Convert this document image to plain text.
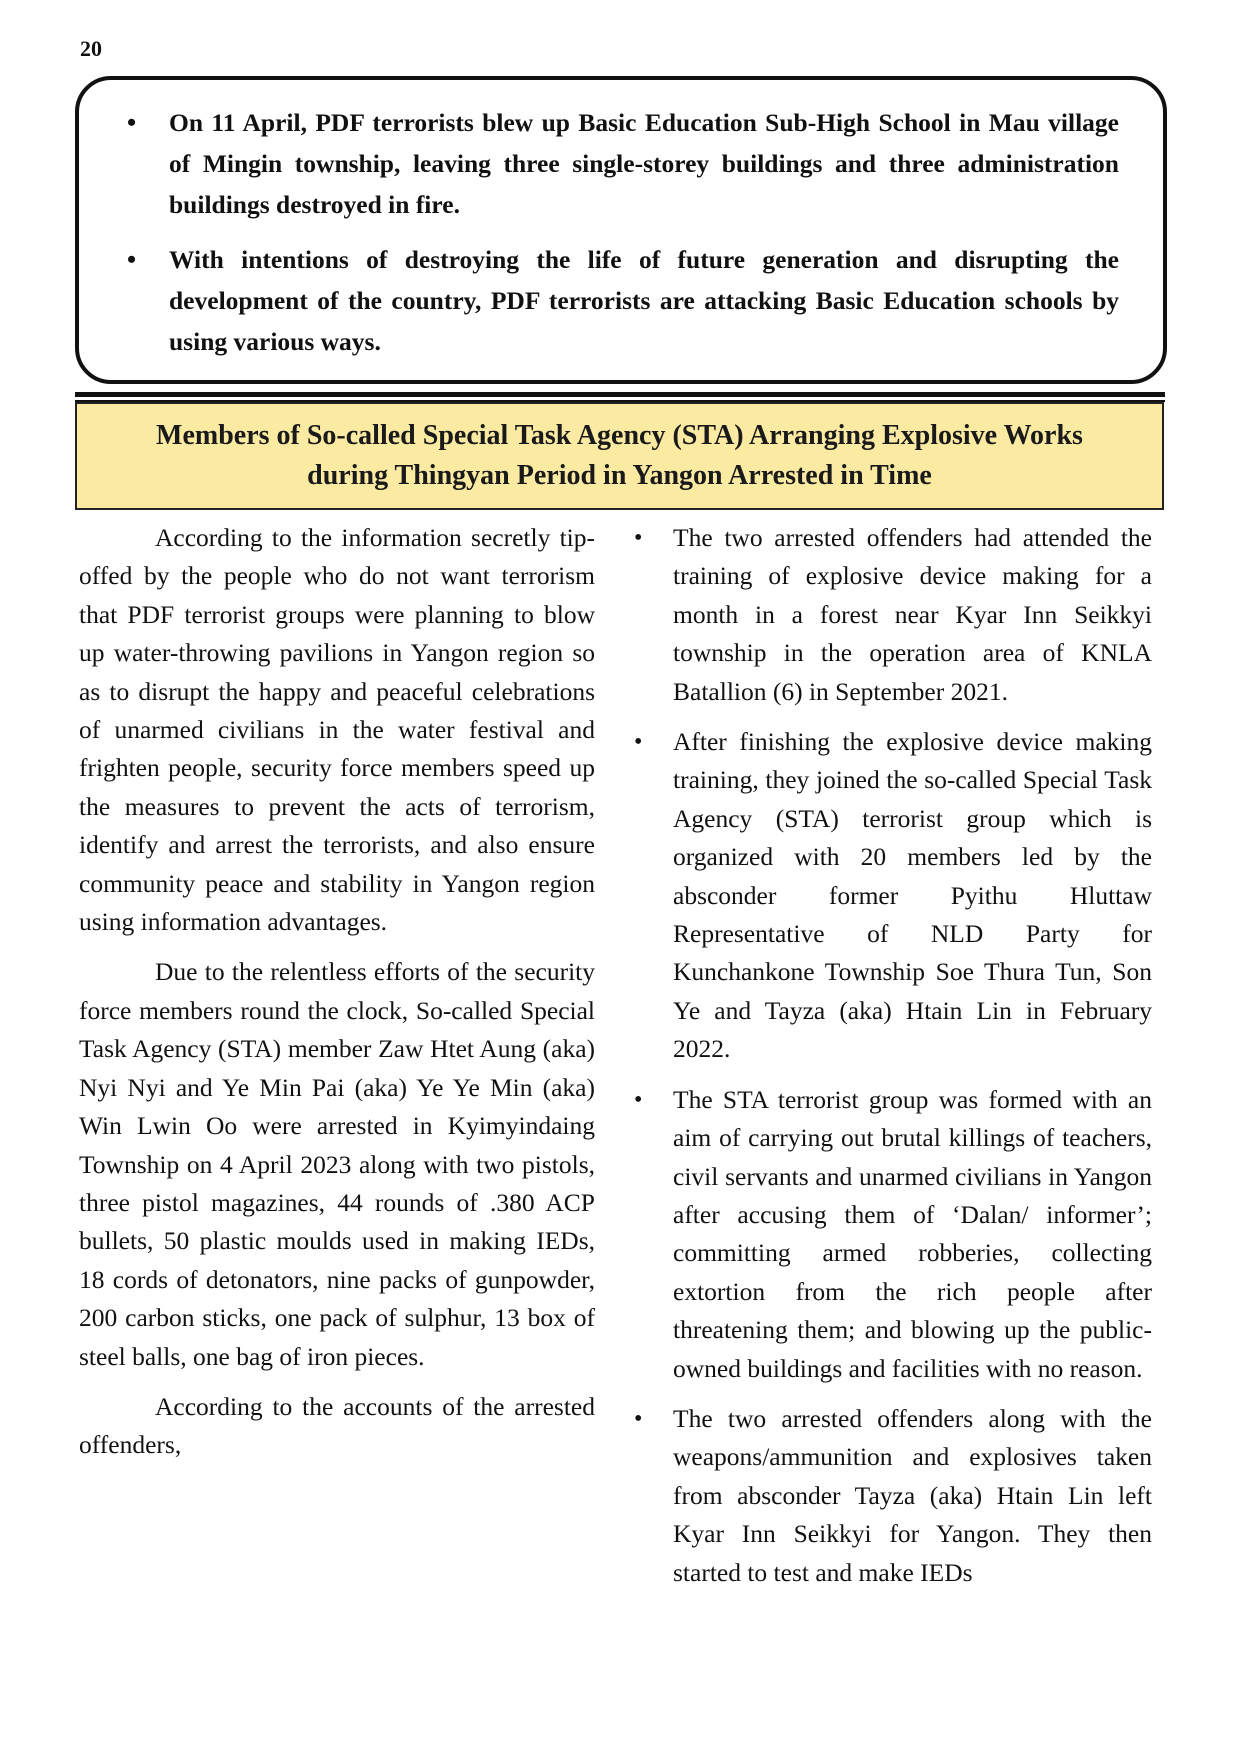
20
• On 11 April, PDF terrorists blew up Basic Education Sub-High School in Mau village of Mingin township, leaving three single-storey buildings and three administration buildings destroyed in fire.
• With intentions of destroying the life of future generation and disrupting the development of the country, PDF terrorists are attacking Basic Education schools by using various ways.
Members of So-called Special Task Agency (STA) Arranging Explosive Works
during Thingyan Period in Yangon Arrested in Time

According to the information secretly tip-offed by the people who do not want terrorism that PDF terrorist groups were planning to blow up water-throwing pavilions in Yangon region so as to disrupt the happy and peaceful celebrations of unarmed civilians in the water festival and frighten people, security force members speed up the measures to prevent the acts of terrorism, identify and arrest the terrorists, and also ensure community peace and stability in Yangon region using information advantages.

Due to the relentless efforts of the security force members round the clock, So-called Special Task Agency (STA) member Zaw Htet Aung (aka) Nyi Nyi and Ye Min Pai (aka) Ye Ye Min (aka) Win Lwin Oo were arrested in Kyimyindaing Township on 4 April 2023 along with two pistols, three pistol magazines, 44 rounds of .380 ACP bullets, 50 plastic moulds used in making IEDs, 18 cords of detonators, nine packs of gunpowder, 200 carbon sticks, one pack of sulphur, 13 box of steel balls, one bag of iron pieces.

According to the accounts of the arrested offenders,

• The two arrested offenders had attended the training of explosive device making for a month in a forest near Kyar Inn Seikkyi township in the operation area of KNLA Batallion (6) in September 2021.
• After finishing the explosive device making training, they joined the so-called Special Task Agency (STA) terrorist group which is organized with 20 members led by the absconder former Pyithu Hluttaw Representative of NLD Party for Kunchankone Township Soe Thura Tun, Son Ye and Tayza (aka) Htain Lin in February 2022.
• The STA terrorist group was formed with an aim of carrying out brutal killings of teachers, civil servants and unarmed civilians in Yangon after accusing them of ‘Dalan/ informer’; committing armed robberies, collecting extortion from the rich people after threatening them; and blowing up the public-owned buildings and facilities with no reason.
• The two arrested offenders along with the weapons/ammunition and explosives taken from absconder Tayza (aka) Htain Lin left Kyar Inn Seikkyi for Yangon. They then started to test and make IEDs
